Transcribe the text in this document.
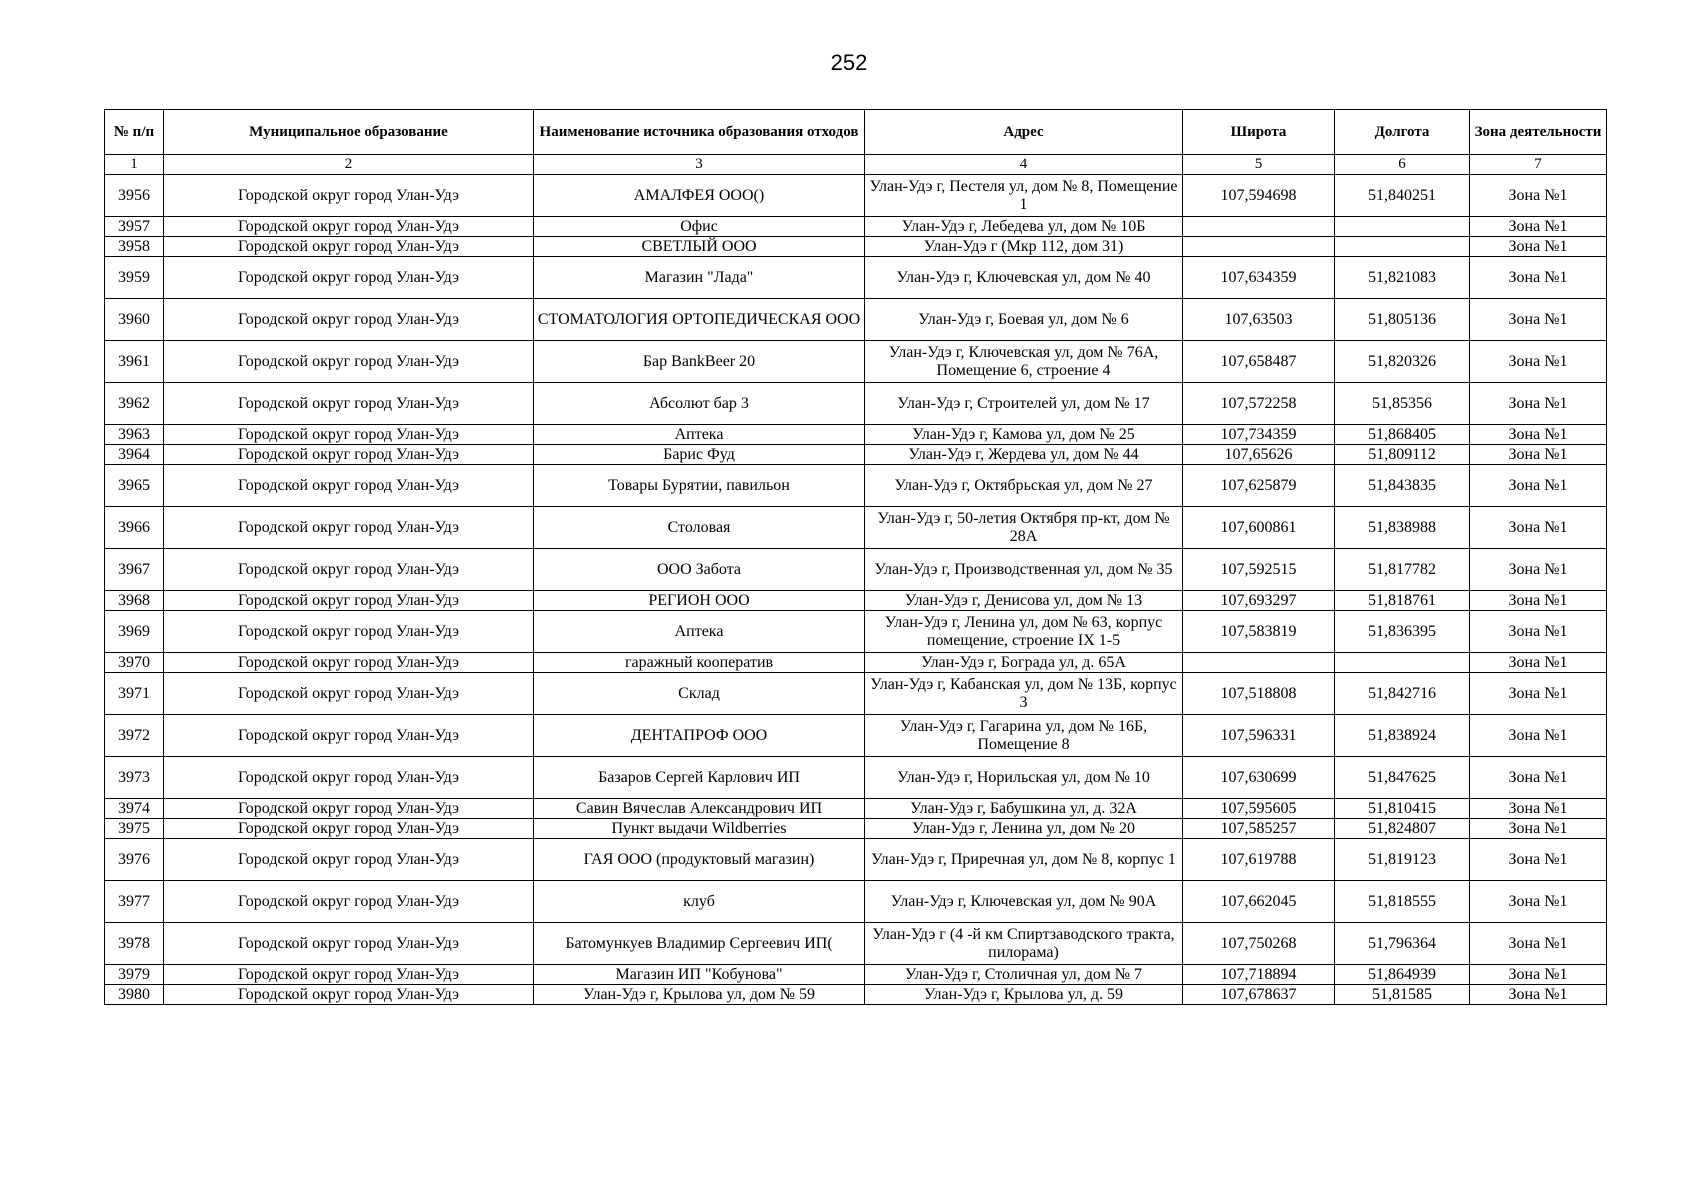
252
№ п/п	Муниципальное образование	Наименование источника образования отходов	Адрес	Широта	Долгота	Зона деятельности
1	2	3	4	5	6	7
3956	Городской округ город Улан-Удэ	АМАЛФЕЯ ООО()	Улан-Удэ г, Пестеля ул, дом № 8, Помещение 1	107,594698	51,840251	Зона №1
3957	Городской округ город Улан-Удэ	Офис	Улан-Удэ г, Лебедева ул, дом № 10Б			Зона №1
3958	Городской округ город Улан-Удэ	СВЕТЛЫЙ ООО	Улан-Удэ г (Мкр 112, дом 31)			Зона №1
3959	Городской округ город Улан-Удэ	Магазин "Лада"	Улан-Удэ г, Ключевская ул, дом № 40	107,634359	51,821083	Зона №1
3960	Городской округ город Улан-Удэ	СТОМАТОЛОГИЯ ОРТОПЕДИЧЕСКАЯ ООО	Улан-Удэ г, Боевая ул, дом № 6	107,63503	51,805136	Зона №1
3961	Городской округ город Улан-Удэ	Бар BankBeer 20	Улан-Удэ г, Ключевская ул, дом № 76А, Помещение 6, строение 4	107,658487	51,820326	Зона №1
3962	Городской округ город Улан-Удэ	Абсолют бар 3	Улан-Удэ г, Строителей ул, дом № 17	107,572258	51,85356	Зона №1
3963	Городской округ город Улан-Удэ	Аптека	Улан-Удэ г, Камова ул, дом № 25	107,734359	51,868405	Зона №1
3964	Городской округ город Улан-Удэ	Барис Фуд	Улан-Удэ г, Жердева ул, дом № 44	107,65626	51,809112	Зона №1
3965	Городской округ город Улан-Удэ	Товары Бурятии, павильон	Улан-Удэ г, Октябрьская ул, дом № 27	107,625879	51,843835	Зона №1
3966	Городской округ город Улан-Удэ	Столовая	Улан-Удэ г, 50-летия Октября пр-кт, дом № 28А	107,600861	51,838988	Зона №1
3967	Городской округ город Улан-Удэ	ООО Забота	Улан-Удэ г, Производственная ул, дом № 35	107,592515	51,817782	Зона №1
3968	Городской округ город Улан-Удэ	РЕГИОН ООО	Улан-Удэ г, Денисова ул, дом № 13	107,693297	51,818761	Зона №1
3969	Городской округ город Улан-Удэ	Аптека	Улан-Удэ г, Ленина ул, дом № 63, корпус помещение, строение IX 1-5	107,583819	51,836395	Зона №1
3970	Городской округ город Улан-Удэ	гаражный кооператив	Улан-Удэ г, Бограда ул, д. 65А			Зона №1
3971	Городской округ город Улан-Удэ	Склад	Улан-Удэ г, Кабанская ул, дом № 13Б, корпус 3	107,518808	51,842716	Зона №1
3972	Городской округ город Улан-Удэ	ДЕНТАПРОФ ООО	Улан-Удэ г, Гагарина ул, дом № 16Б, Помещение 8	107,596331	51,838924	Зона №1
3973	Городской округ город Улан-Удэ	Базаров Сергей Карлович ИП	Улан-Удэ г, Норильская ул, дом № 10	107,630699	51,847625	Зона №1
3974	Городской округ город Улан-Удэ	Савин Вячеслав Александрович ИП	Улан-Удэ г, Бабушкина ул, д. 32А	107,595605	51,810415	Зона №1
3975	Городской округ город Улан-Удэ	Пункт выдачи Wildberries	Улан-Удэ г, Ленина ул, дом № 20	107,585257	51,824807	Зона №1
3976	Городской округ город Улан-Удэ	ГАЯ ООО (продуктовый магазин)	Улан-Удэ г, Приречная ул, дом № 8, корпус 1	107,619788	51,819123	Зона №1
3977	Городской округ город Улан-Удэ	клуб	Улан-Удэ г, Ключевская ул, дом № 90А	107,662045	51,818555	Зона №1
3978	Городской округ город Улан-Удэ	Батомункуев Владимир Сергеевич ИП(	Улан-Удэ г (4 -й км Спиртзаводского тракта, пилорама)	107,750268	51,796364	Зона №1
3979	Городской округ город Улан-Удэ	Магазин ИП "Кобунова"	Улан-Удэ г, Столичная ул, дом № 7	107,718894	51,864939	Зона №1
3980	Городской округ город Улан-Удэ	Улан-Удэ г, Крылова ул, дом № 59	Улан-Удэ г, Крылова ул, д. 59	107,678637	51,81585	Зона №1
